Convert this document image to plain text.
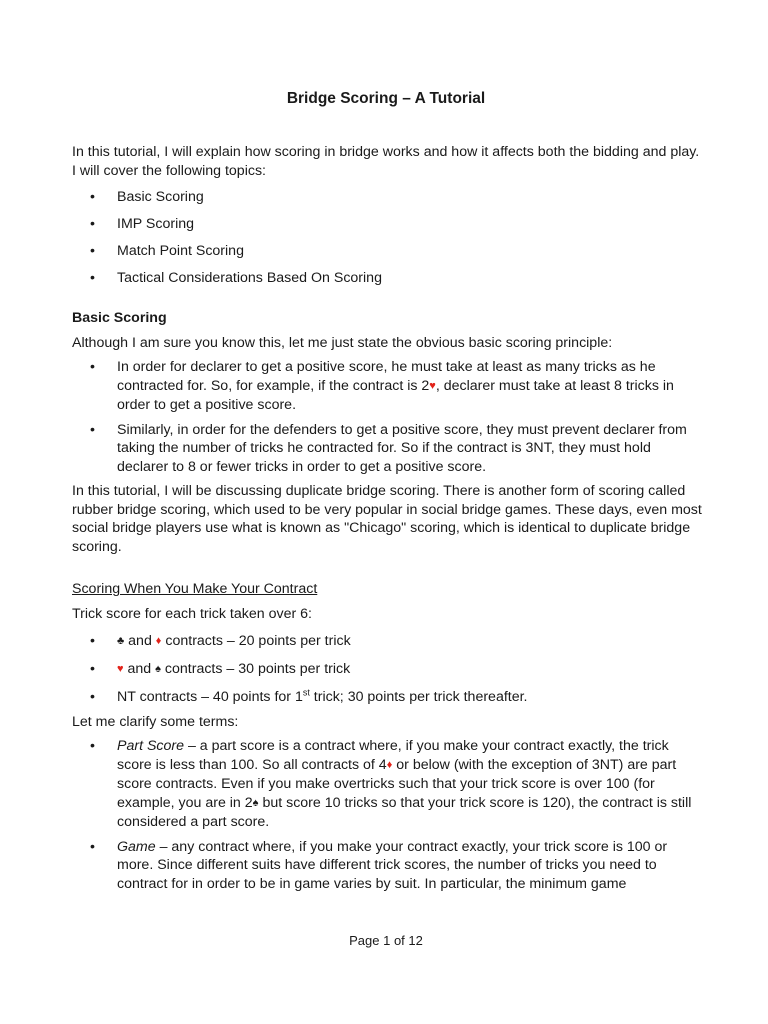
Bridge Scoring – A Tutorial

In this tutorial, I will explain how scoring in bridge works and how it affects both the bidding and play. I will cover the following topics:

• Basic Scoring
• IMP Scoring
• Match Point Scoring
• Tactical Considerations Based On Scoring

Basic Scoring

Although I am sure you know this, let me just state the obvious basic scoring principle:

• In order for declarer to get a positive score, he must take at least as many tricks as he contracted for. So, for example, if the contract is 2♥, declarer must take at least 8 tricks in order to get a positive score.
• Similarly, in order for the defenders to get a positive score, they must prevent declarer from taking the number of tricks he contracted for. So if the contract is 3NT, they must hold declarer to 8 or fewer tricks in order to get a positive score.

In this tutorial, I will be discussing duplicate bridge scoring. There is another form of scoring called rubber bridge scoring, which used to be very popular in social bridge games. These days, even most social bridge players use what is known as "Chicago" scoring, which is identical to duplicate bridge scoring.

Scoring When You Make Your Contract

Trick score for each trick taken over 6:

• ♣ and ♦ contracts – 20 points per trick
• ♥ and ♠ contracts – 30 points per trick
• NT contracts – 40 points for 1st trick; 30 points per trick thereafter.

Let me clarify some terms:

• Part Score – a part score is a contract where, if you make your contract exactly, the trick score is less than 100. So all contracts of 4♦ or below (with the exception of 3NT) are part score contracts. Even if you make overtricks such that your trick score is over 100 (for example, you are in 2♠ but score 10 tricks so that your trick score is 120), the contract is still considered a part score.
• Game – any contract where, if you make your contract exactly, your trick score is 100 or more. Since different suits have different trick scores, the number of tricks you need to contract for in order to be in game varies by suit. In particular, the minimum game
Page 1 of 12
